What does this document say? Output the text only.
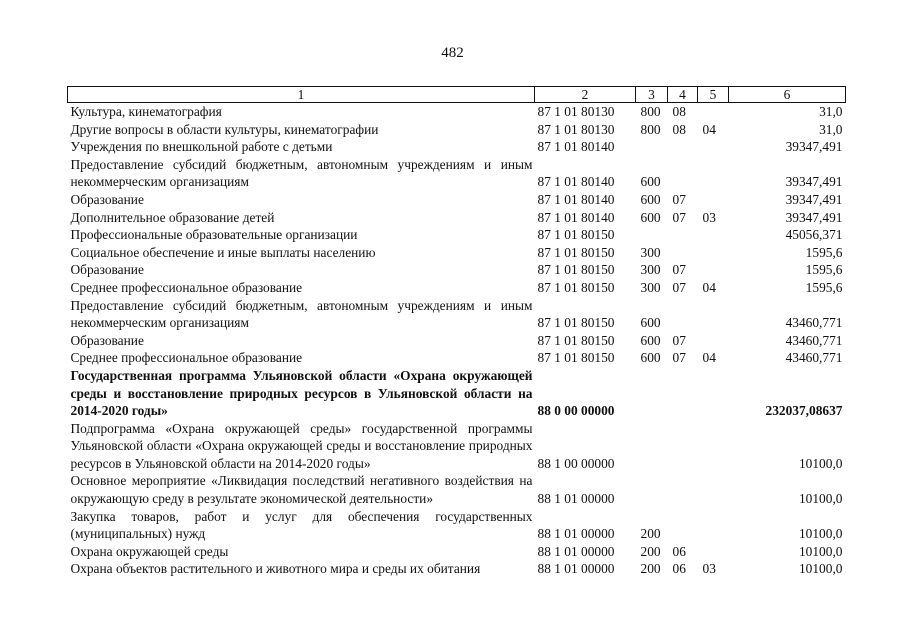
482
1	2	3	4	5	6
Культура, кинематография	87 1 01 80130	800	08		31,0
Другие вопросы в области культуры, кинематографии	87 1 01 80130	800	08	04	31,0
Учреждения по внешкольной работе с детьми	87 1 01 80140				39347,491
Предоставление субсидий бюджетным, автономным учреждениям и иным некоммерческим организациям	87 1 01 80140	600			39347,491
Образование	87 1 01 80140	600	07		39347,491
Дополнительное образование детей	87 1 01 80140	600	07	03	39347,491
Профессиональные образовательные организации	87 1 01 80150				45056,371
Социальное обеспечение и иные выплаты населению	87 1 01 80150	300			1595,6
Образование	87 1 01 80150	300	07		1595,6
Среднее профессиональное образование	87 1 01 80150	300	07	04	1595,6
Предоставление субсидий бюджетным, автономным учреждениям и иным некоммерческим организациям	87 1 01 80150	600			43460,771
Образование	87 1 01 80150	600	07		43460,771
Среднее профессиональное образование	87 1 01 80150	600	07	04	43460,771
Государственная программа Ульяновской области «Охрана окружающей среды и восстановление природных ресурсов в Ульяновской области на 2014-2020 годы»	88 0 00 00000				232037,08637
Подпрограмма «Охрана окружающей среды» государственной программы Ульяновской области «Охрана окружающей среды и восстановление природных ресурсов в Ульяновской области на 2014-2020 годы»	88 1 00 00000				10100,0
Основное мероприятие «Ликвидация последствий негативного воздействия на окружающую среду в результате экономической деятельности»	88 1 01 00000				10100,0
Закупка товаров, работ и услуг для обеспечения государственных (муниципальных) нужд	88 1 01 00000	200			10100,0
Охрана окружающей среды	88 1 01 00000	200	06		10100,0
Охрана объектов растительного и животного мира и среды их обитания	88 1 01 00000	200	06	03	10100,0
